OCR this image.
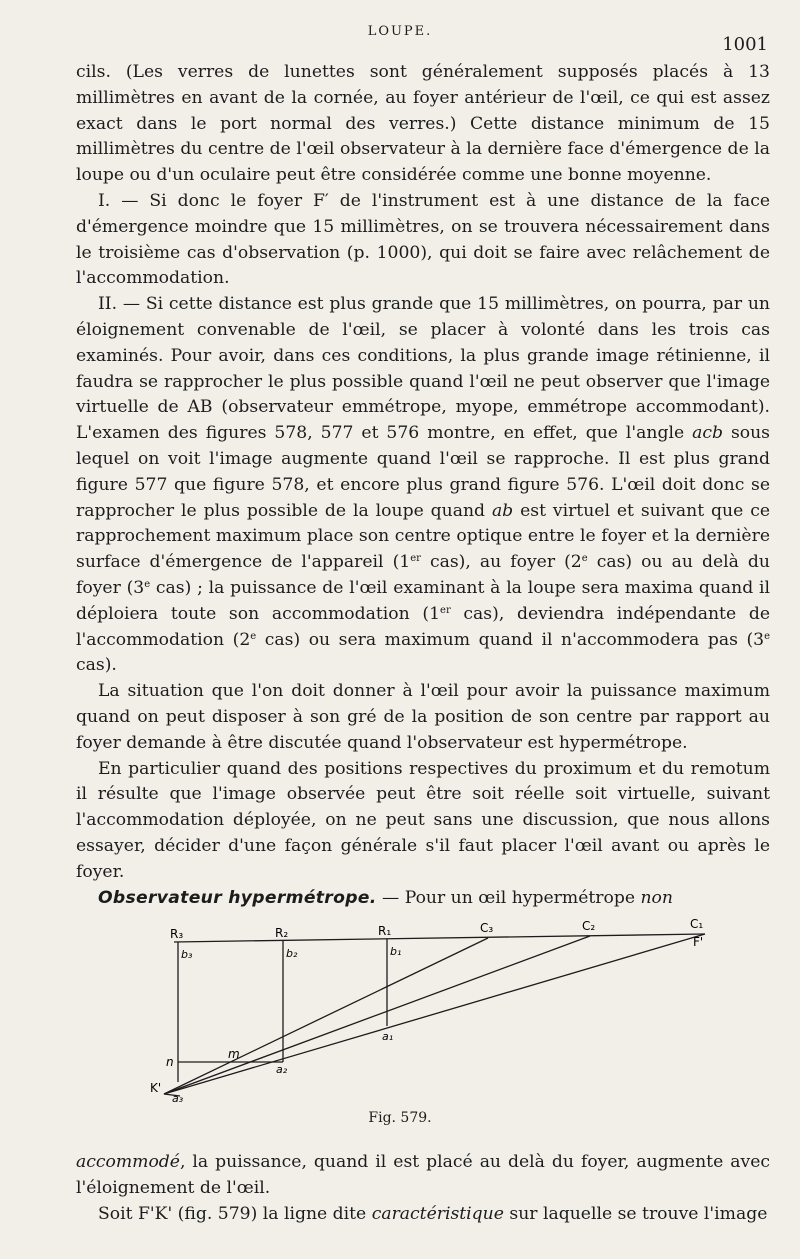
LOUPE.
1001

cils. (Les verres de lunettes sont généralement supposés placés à 13 millimètres en avant de la cornée, au foyer antérieur de l'œil, ce qui est assez exact dans le port normal des verres.) Cette distance minimum de 15 millimètres du centre de l'œil observateur à la dernière face d'émergence de la loupe ou d'un oculaire peut être considérée comme une bonne moyenne.

I. — Si donc le foyer F′ de l'instrument est à une distance de la face d'émergence moindre que 15 millimètres, on se trouvera nécessairement dans le troisième cas d'observation (p. 1000), qui doit se faire avec relâchement de l'accommodation.

II. — Si cette distance est plus grande que 15 millimètres, on pourra, par un éloignement convenable de l'œil, se placer à volonté dans les trois cas examinés. Pour avoir, dans ces conditions, la plus grande image rétinienne, il faudra se rapprocher le plus possible quand l'œil ne peut observer que l'image virtuelle de AB (observateur emmétrope, myope, emmétrope accommodant). L'examen des figures 578, 577 et 576 montre, en effet, que l'angle acb sous lequel on voit l'image augmente quand l'œil se rapproche. Il est plus grand figure 577 que figure 578, et encore plus grand figure 576. L'œil doit donc se rapprocher le plus possible de la loupe quand ab est virtuel et suivant que ce rapprochement maximum place son centre optique entre le foyer et la dernière surface d'émergence de l'appareil (1er cas), au foyer (2e cas) ou au delà du foyer (3e cas) ; la puissance de l'œil examinant à la loupe sera maxima quand il déploiera toute son accommodation (1er cas), deviendra indépendante de l'accommodation (2e cas) ou sera maximum quand il n'accommodera pas (3e cas).

La situation que l'on doit donner à l'œil pour avoir la puissance maximum quand on peut disposer à son gré de la position de son centre par rapport au foyer demande à être discutée quand l'observateur est hypermétrope.

En particulier quand des positions respectives du proximum et du remotum il résulte que l'image observée peut être soit réelle soit virtuelle, suivant l'accommodation déployée, on ne peut sans une discussion, que nous allons essayer, décider d'une façon générale s'il faut placer l'œil avant ou après le foyer.

Observateur hypermétrope. — Pour un œil hypermétrope non

R₃	R₂	R₁
b₃	b₂	b₁
C₃	C₂	C₁
F'
n
m
K'
a₁
a₂
a₃
Fig. 579.

accommodé, la puissance, quand il est placé au delà du foyer, augmente avec l'éloignement de l'œil.

Soit F'K' (fig. 579) la ligne dite caractéristique sur laquelle se trouve l'image
